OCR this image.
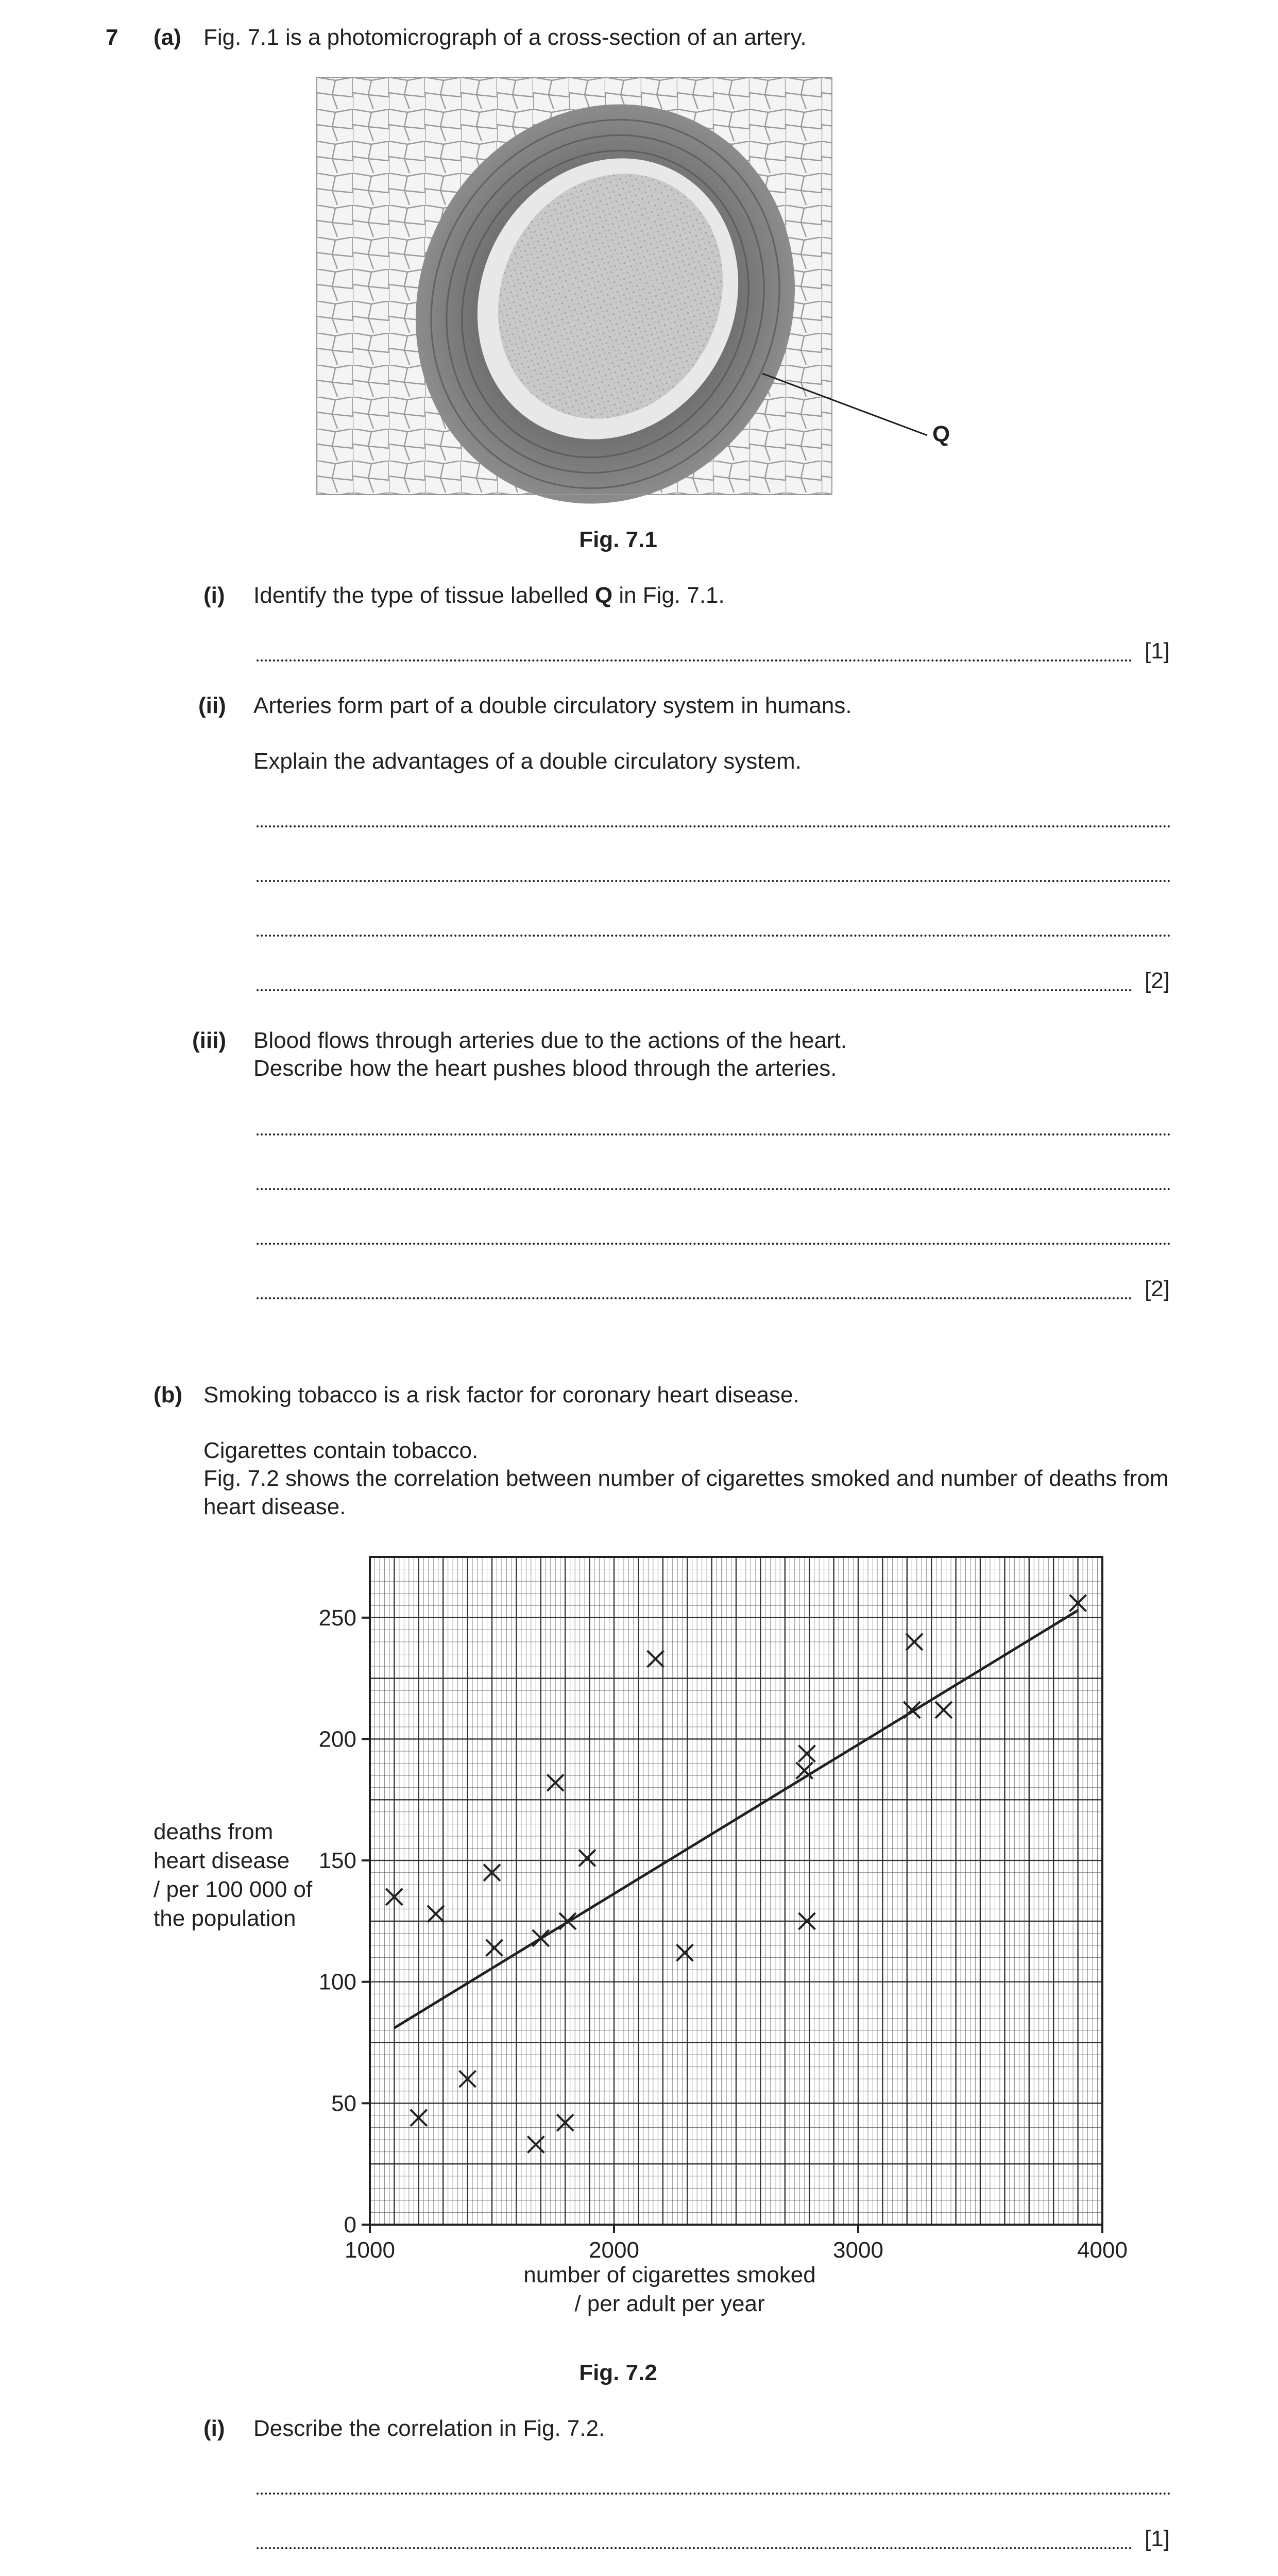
7 (a) Fig. 7.1 is a photomicrograph of a cross-section of an artery.
Q
Fig. 7.1
(i) Identify the type of tissue labelled Q in Fig. 7.1.
[1]
(ii) Arteries form part of a double circulatory system in humans.
Explain the advantages of a double circulatory system.
[2]
(iii) Blood flows through arteries due to the actions of the heart.
Describe how the heart pushes blood through the arteries.
[2]
(b) Smoking tobacco is a risk factor for coronary heart disease.
Cigarettes contain tobacco.
Fig. 7.2 shows the correlation between number of cigarettes smoked and number of deaths from heart disease.
deaths from
heart disease
/ per 100 000 of
the population
1000	2000	3000	4000
0
50
100
150
200
250
number of cigarettes smoked
/ per adult per year
Fig. 7.2
(i) Describe the correlation in Fig. 7.2.
[1]
